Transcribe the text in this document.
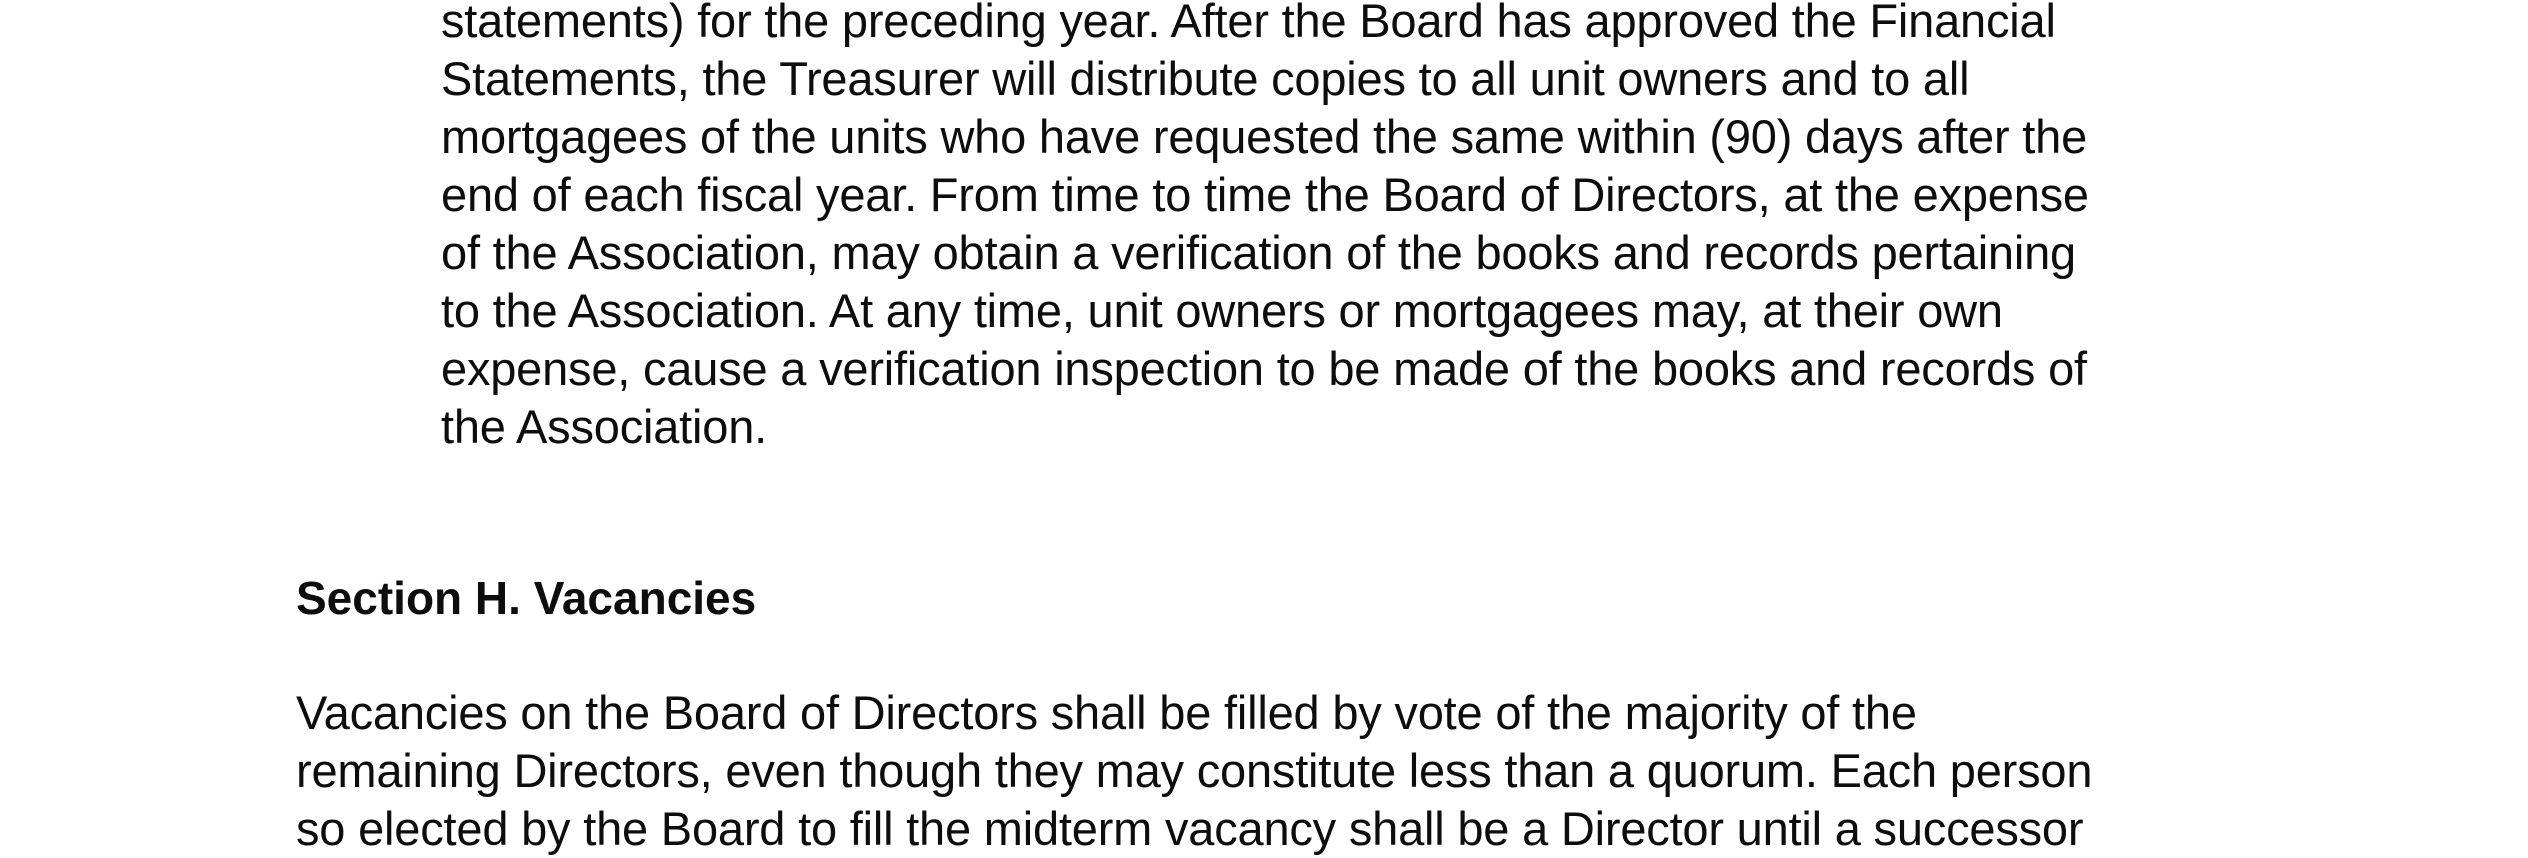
statements) for the preceding year. After the Board has approved the Financial
Statements, the Treasurer will distribute copies to all unit owners and to all
mortgagees of the units who have requested the same within (90) days after the
end of each fiscal year. From time to time the Board of Directors, at the expense
of the Association, may obtain a verification of the books and records pertaining
to the Association. At any time, unit owners or mortgagees may, at their own
expense, cause a verification inspection to be made of the books and records of
the Association.
Section H. Vacancies
Vacancies on the Board of Directors shall be filled by vote of the majority of the
remaining Directors, even though they may constitute less than a quorum. Each person
so elected by the Board to fill the midterm vacancy shall be a Director until a successor
